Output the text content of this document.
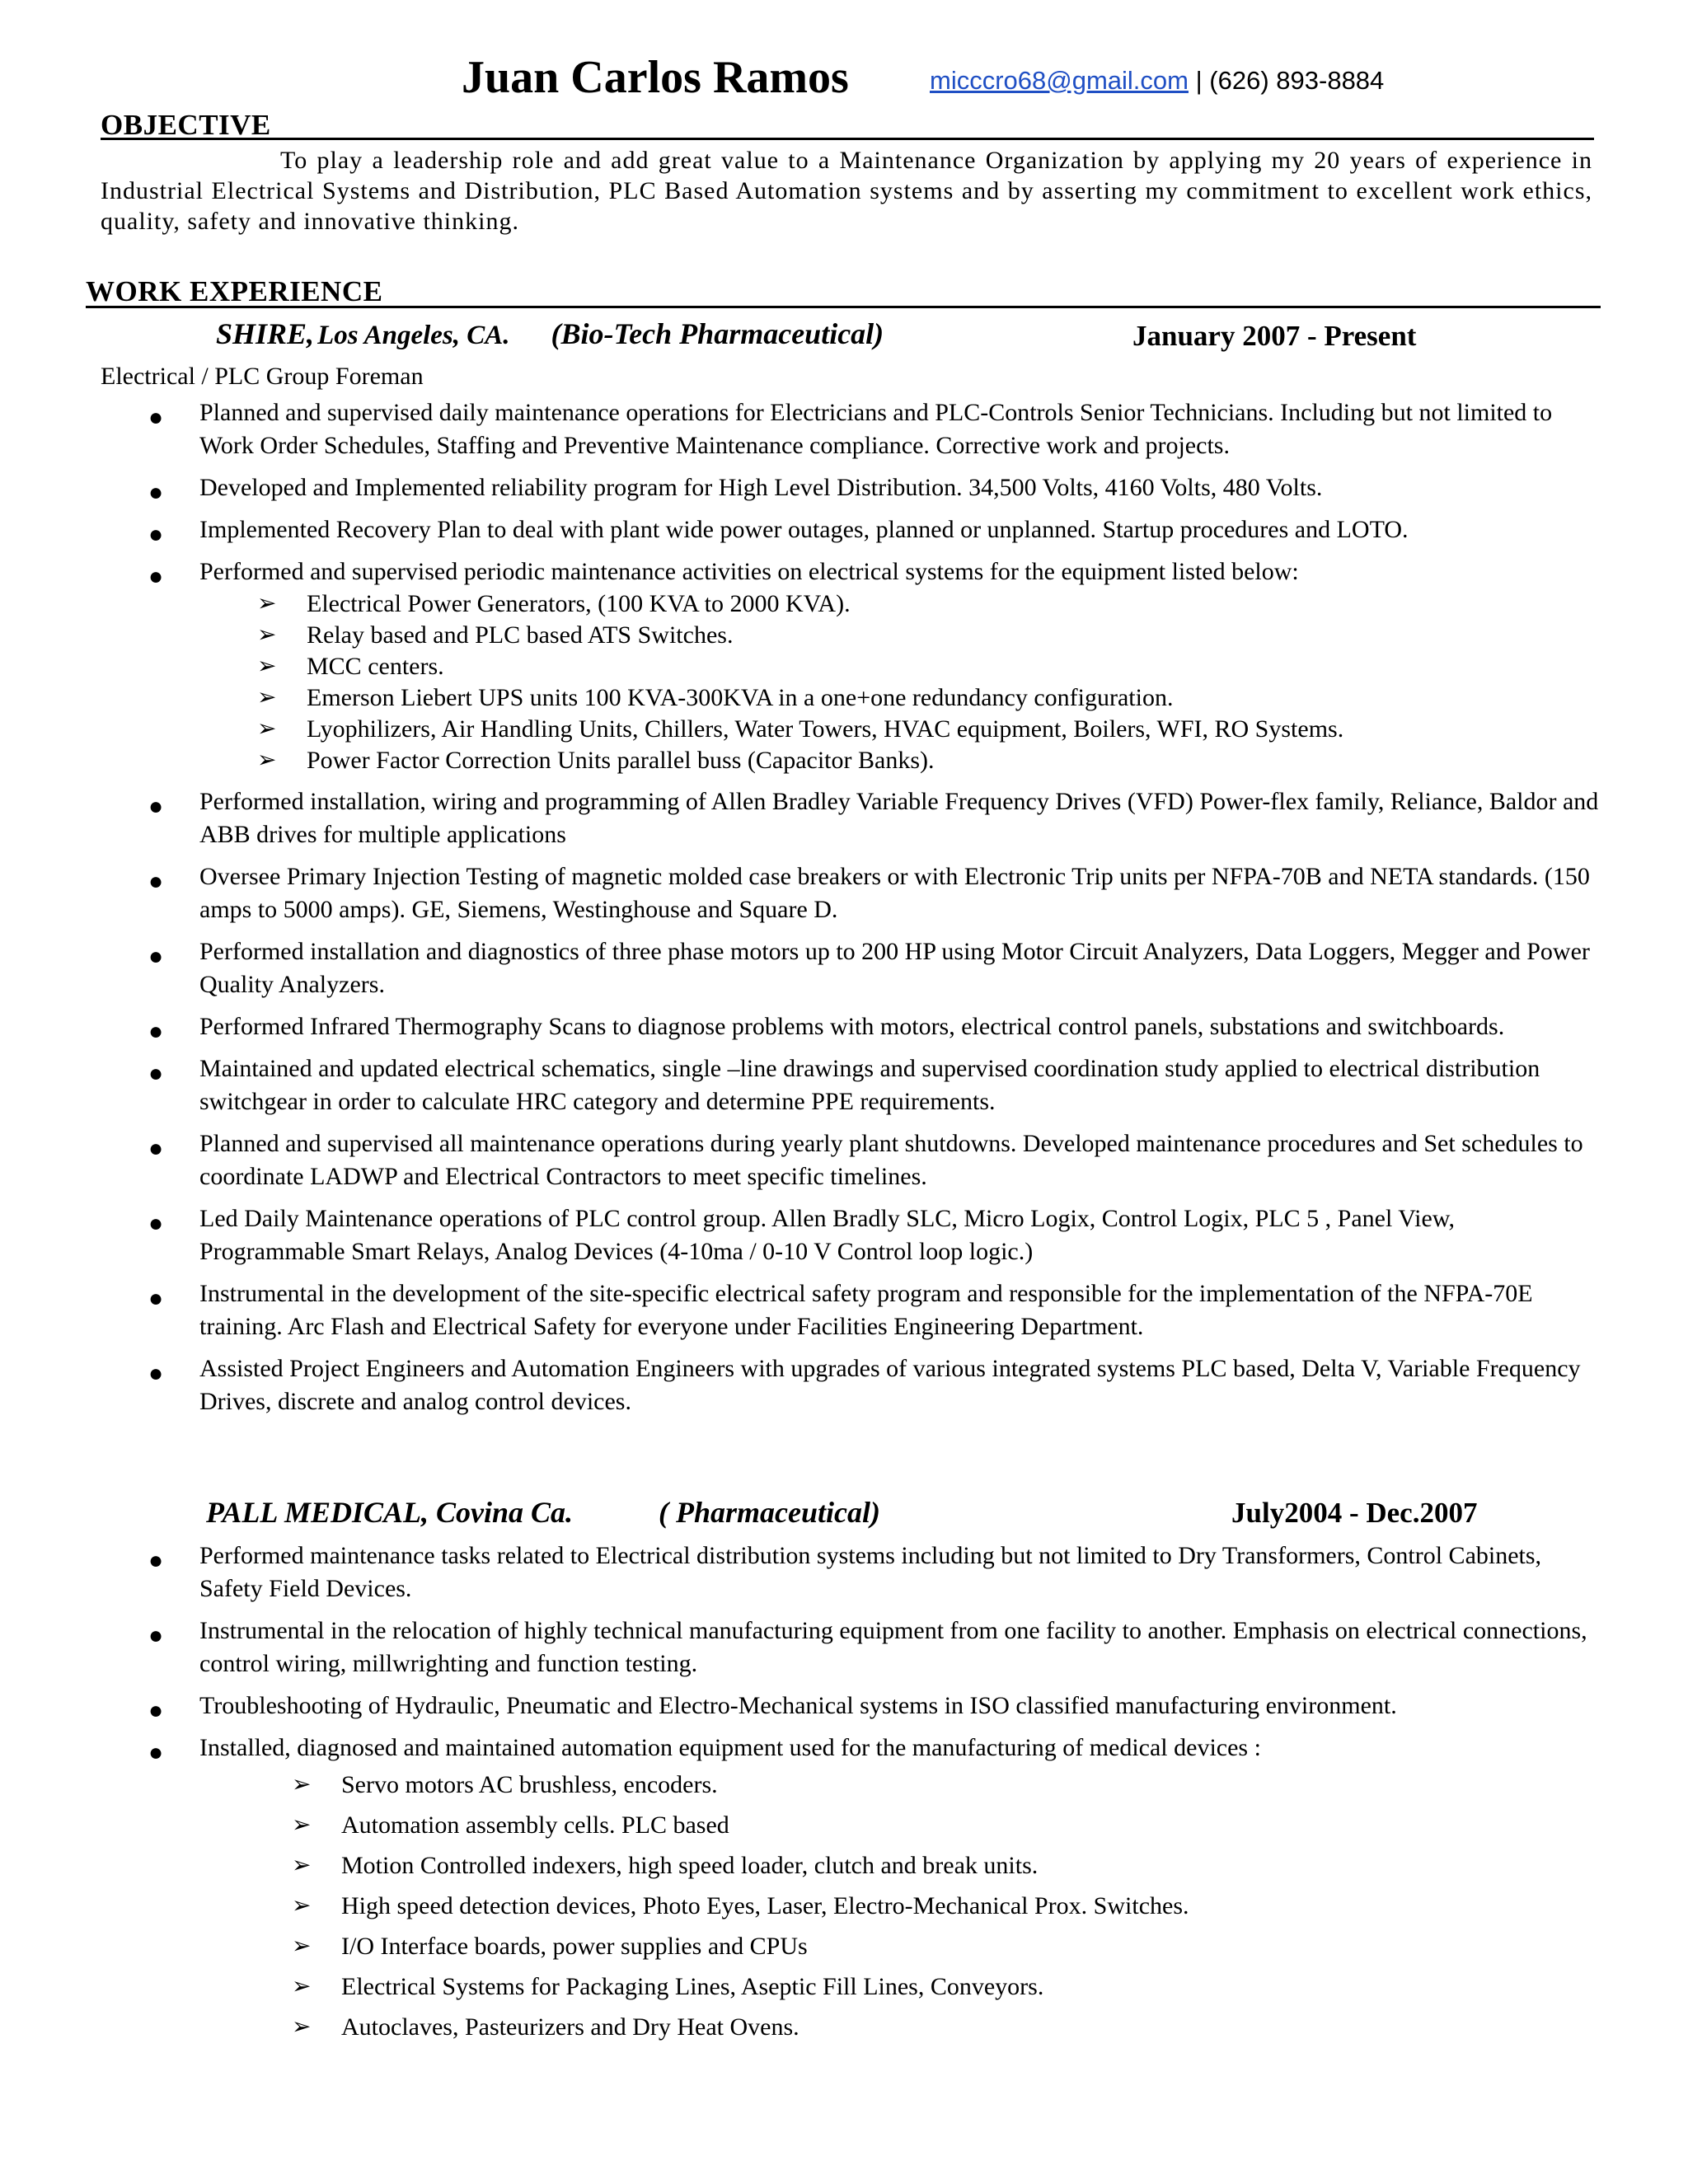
Juan Carlos Ramos	micccro68@gmail.com | (626) 893-8884
OBJECTIVE
To play a leadership role and add great value to a Maintenance Organization by applying my 20 years of experience in Industrial Electrical Systems and Distribution, PLC Based Automation systems and by asserting my commitment to excellent work ethics, quality, safety and innovative thinking.
WORK EXPERIENCE
SHIRE, Los Angeles, CA. (Bio-Tech Pharmaceutical)	January 2007 - Present
Electrical / PLC Group Foreman
● Planned and supervised daily maintenance operations for Electricians and PLC-Controls Senior Technicians. Including but not limited to Work Order Schedules, Staffing and Preventive Maintenance compliance. Corrective work and projects.
● Developed and Implemented reliability program for High Level Distribution. 34,500 Volts, 4160 Volts, 480 Volts.
● Implemented Recovery Plan to deal with plant wide power outages, planned or unplanned. Startup procedures and LOTO.
● Performed and supervised periodic maintenance activities on electrical systems for the equipment listed below:
➢ Electrical Power Generators, (100 KVA to 2000 KVA).
➢ Relay based and PLC based ATS Switches.
➢ MCC centers.
➢ Emerson Liebert UPS units 100 KVA-300KVA in a one+one redundancy configuration.
➢ Lyophilizers, Air Handling Units, Chillers, Water Towers, HVAC equipment, Boilers, WFI, RO Systems.
➢ Power Factor Correction Units parallel buss (Capacitor Banks).
● Performed installation, wiring and programming of Allen Bradley Variable Frequency Drives (VFD) Power-flex family, Reliance, Baldor and ABB drives for multiple applications
● Oversee Primary Injection Testing of magnetic molded case breakers or with Electronic Trip units per NFPA-70B and NETA standards. (150 amps to 5000 amps). GE, Siemens, Westinghouse and Square D.
● Performed installation and diagnostics of three phase motors up to 200 HP using Motor Circuit Analyzers, Data Loggers, Megger and Power Quality Analyzers.
● Performed Infrared Thermography Scans to diagnose problems with motors, electrical control panels, substations and switchboards.
● Maintained and updated electrical schematics, single –line drawings and supervised coordination study applied to electrical distribution switchgear in order to calculate HRC category and determine PPE requirements.
● Planned and supervised all maintenance operations during yearly plant shutdowns. Developed maintenance procedures and Set schedules to coordinate LADWP and Electrical Contractors to meet specific timelines.
● Led Daily Maintenance operations of PLC control group. Allen Bradly SLC, Micro Logix, Control Logix, PLC 5 , Panel View, Programmable Smart Relays, Analog Devices (4-10ma / 0-10 V Control loop logic.)
● Instrumental in the development of the site-specific electrical safety program and responsible for the implementation of the NFPA-70E training. Arc Flash and Electrical Safety for everyone under Facilities Engineering Department.
● Assisted Project Engineers and Automation Engineers with upgrades of various integrated systems PLC based, Delta V, Variable Frequency Drives, discrete and analog control devices.
PALL MEDICAL, Covina Ca.	( Pharmaceutical)	July2004 - Dec.2007
● Performed maintenance tasks related to Electrical distribution systems including but not limited to Dry Transformers, Control Cabinets, Safety Field Devices.
● Instrumental in the relocation of highly technical manufacturing equipment from one facility to another. Emphasis on electrical connections, control wiring, millwrighting and function testing.
● Troubleshooting of Hydraulic, Pneumatic and Electro-Mechanical systems in ISO classified manufacturing environment.
● Installed, diagnosed and maintained automation equipment used for the manufacturing of medical devices :
➢ Servo motors AC brushless, encoders.
➢ Automation assembly cells. PLC based
➢ Motion Controlled indexers, high speed loader, clutch and break units.
➢ High speed detection devices, Photo Eyes, Laser, Electro-Mechanical Prox. Switches.
➢ I/O Interface boards, power supplies and CPUs
➢ Electrical Systems for Packaging Lines, Aseptic Fill Lines, Conveyors.
➢ Autoclaves, Pasteurizers and Dry Heat Ovens.
